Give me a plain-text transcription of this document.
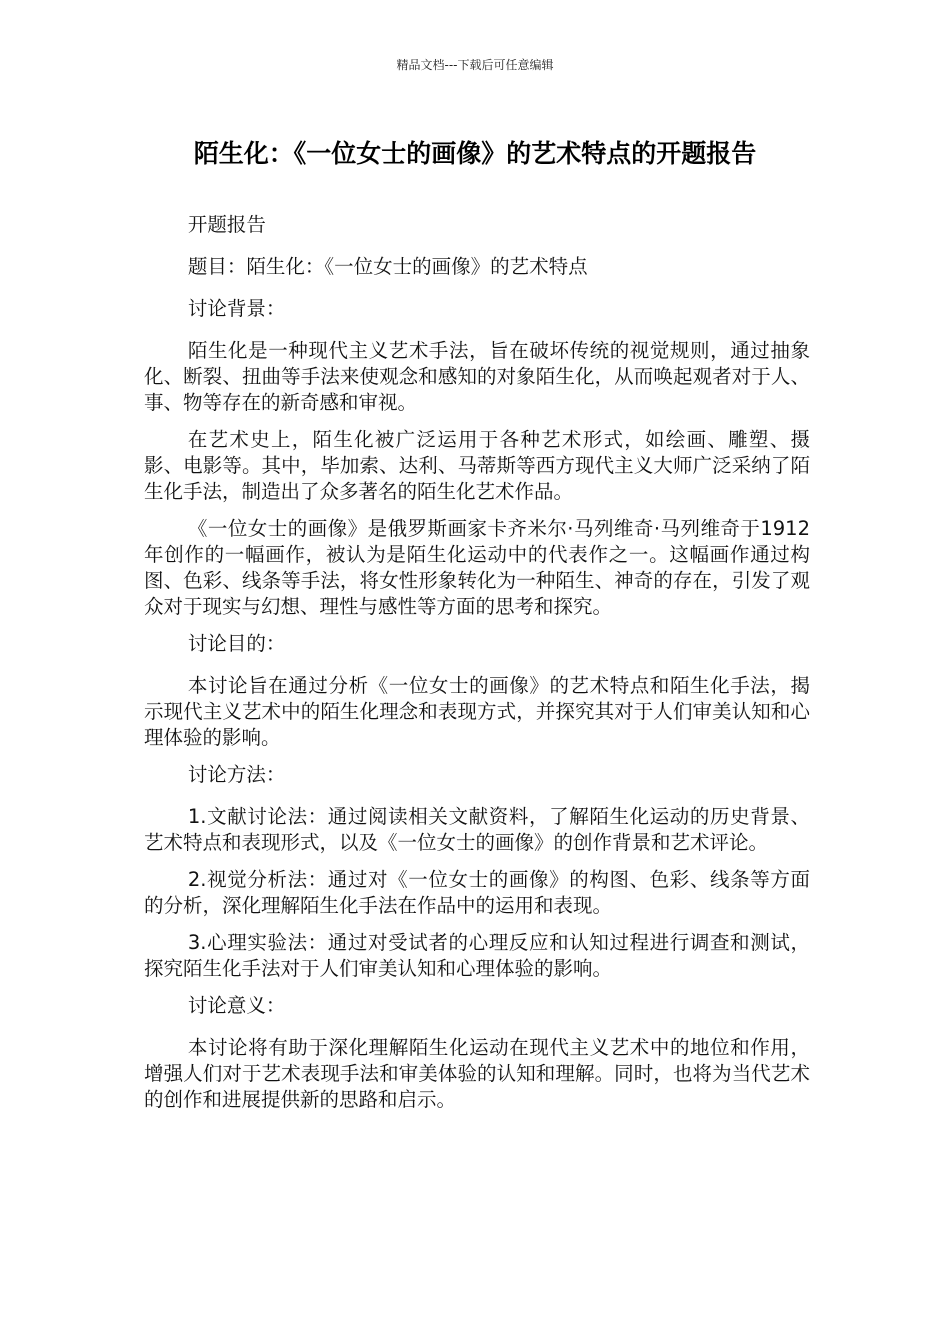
精品文档---下载后可任意编辑
陌生化：《一位女士的画像》的艺术特点的开题报告

开题报告

题目：陌生化：《一位女士的画像》的艺术特点

讨论背景：

陌生化是一种现代主义艺术手法，旨在破坏传统的视觉规则，通过抽象化、断裂、扭曲等手法来使观念和感知的对象陌生化，从而唤起观者对于人、事、物等存在的新奇感和审视。

在艺术史上，陌生化被广泛运用于各种艺术形式，如绘画、雕塑、摄影、电影等。其中，毕加索、达利、马蒂斯等西方现代主义大师广泛采纳了陌生化手法，制造出了众多著名的陌生化艺术作品。

《一位女士的画像》是俄罗斯画家卡齐米尔·马列维奇·马列维奇于1912 年创作的一幅画作，被认为是陌生化运动中的代表作之一。这幅画作通过构图、色彩、线条等手法，将女性形象转化为一种陌生、神奇的存在，引发了观众对于现实与幻想、理性与感性等方面的思考和探究。

讨论目的：

本讨论旨在通过分析《一位女士的画像》的艺术特点和陌生化手法，揭示现代主义艺术中的陌生化理念和表现方式，并探究其对于人们审美认知和心理体验的影响。

讨论方法：

1.文献讨论法：通过阅读相关文献资料，了解陌生化运动的历史背景、艺术特点和表现形式，以及《一位女士的画像》的创作背景和艺术评论。

2.视觉分析法：通过对《一位女士的画像》的构图、色彩、线条等方面的分析，深化理解陌生化手法在作品中的运用和表现。

3.心理实验法：通过对受试者的心理反应和认知过程进行调查和测试，探究陌生化手法对于人们审美认知和心理体验的影响。

讨论意义：

本讨论将有助于深化理解陌生化运动在现代主义艺术中的地位和作用，增强人们对于艺术表现手法和审美体验的认知和理解。同时，也将为当代艺术的创作和进展提供新的思路和启示。
